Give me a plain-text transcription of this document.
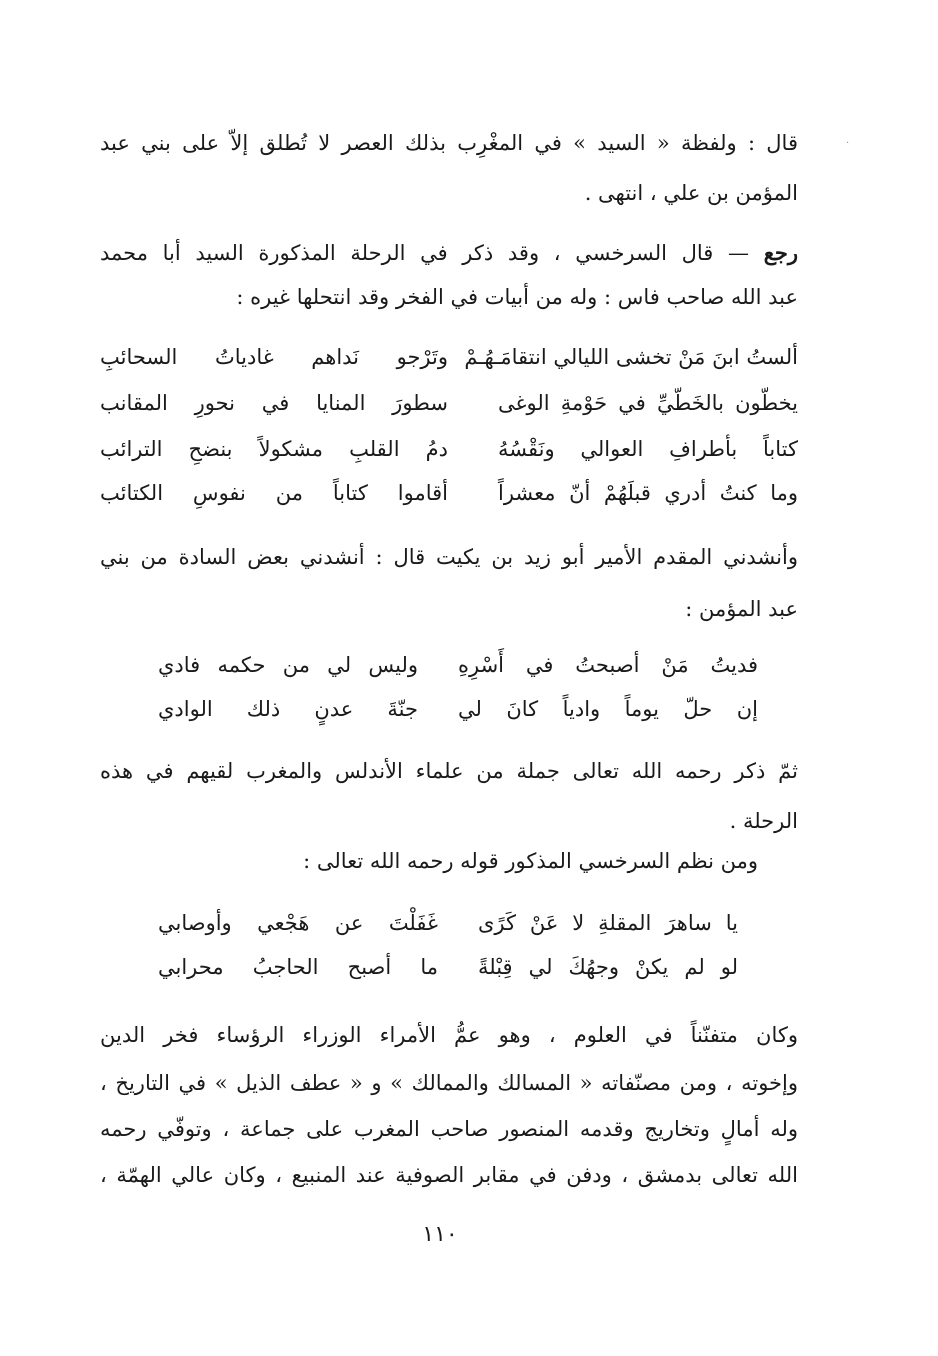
قال : ولفظة « السيد » في المغْرِب بذلك العصر لا تُطلق إلاّ على بني عبد
المؤمن بن علي ، انتهى .
رجع — قال السرخسي ، وقد ذكر في الرحلة المذكورة السيد أبا محمد
عبد الله صاحب فاس : وله من أبيات في الفخر وقد انتحلها غيره :
ألستُ ابنَ مَنْ تخشى الليالي انتقامَـهُـمْ
وتَرْجو نَداهم غادياتُ السحائبِ
يخطّون بالخَطّيِّ في حَوْمةِ الوغى
سطورَ المنايا في نحورِ المقانب
كتاباً بأطرافِ العوالي ونَقْسُهُ
دمُ القلبِ مشكولاً بنضحِ الترائب
وما كنتُ أدري قبلَهُمْ أنّ معشراً
أقاموا كتاباً من نفوسِ الكتائب
وأنشدني المقدم الأمير أبو زيد بن يكيت قال : أنشدني بعض السادة من بني
عبد المؤمن :
فديتُ مَنْ أصبحتُ في أَسْرِهِ
وليس لي من حكمه فادي
إن حلّ يوماً وادياً كانَ لي
جنّةَ عدنٍ ذلك الوادي
ثمّ ذكر رحمه الله تعالى جملة من علماء الأندلس والمغرب لقيهم في هذه
الرحلة .
ومن نظم السرخسي المذكور قوله رحمه الله تعالى :
يا ساهرَ المقلةِ لا عَنْ كَرًى
غَفَلْتَ عن هَجْعي وأوصابي
لو لم يكنْ وجهُكَ لي قِبْلةً
ما أصبح الحاجبُ محرابي
وكان متفنّناً في العلوم ، وهو عمُّ الأمراء الوزراء الرؤساء فخر الدين
وإخوته ، ومن مصنّفاته « المسالك والممالك » و « عطف الذيل » في التاريخ ،
وله أمالٍ وتخاريج وقدمه المنصور صاحب المغرب على جماعة ، وتوفّي رحمه
الله تعالى بدمشق ، ودفن في مقابر الصوفية عند المنبيع ، وكان عالي الهمّة ،
١١٠
·
